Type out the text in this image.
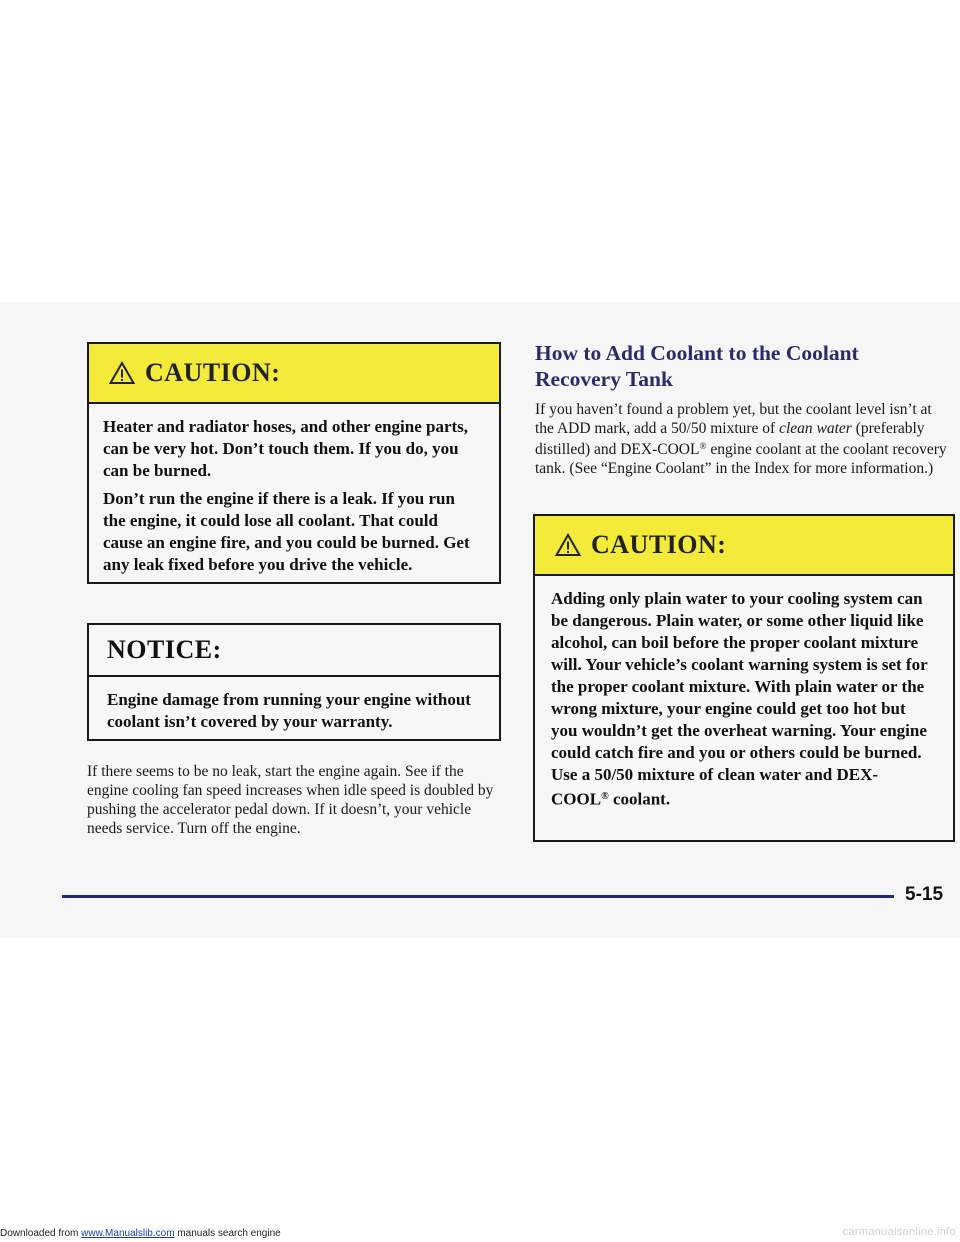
CAUTION:

Heater and radiator hoses, and other engine parts, can be very hot. Don’t touch them. If you do, you can be burned.

Don’t run the engine if there is a leak. If you run the engine, it could lose all coolant. That could cause an engine fire, and you could be burned. Get any leak fixed before you drive the vehicle.

NOTICE:
Engine damage from running your engine without coolant isn’t covered by your warranty.
If there seems to be no leak, start the engine again. See if the engine cooling fan speed increases when idle speed is doubled by pushing the accelerator pedal down. If it doesn’t, your vehicle needs service. Turn off the engine.
How to Add Coolant to the Coolant
Recovery Tank
If you haven’t found a problem yet, but the coolant level isn’t at the ADD mark, add a 50/50 mixture of clean water (preferably distilled) and DEX-COOL® engine coolant at the coolant recovery tank. (See “Engine Coolant” in the Index for more information.)
CAUTION:
Adding only plain water to your cooling system can be dangerous. Plain water, or some other liquid like alcohol, can boil before the proper coolant mixture will. Your vehicle’s coolant warning system is set for the proper coolant mixture. With plain water or the wrong mixture, your engine could get too hot but you wouldn’t get the overheat warning. Your engine could catch fire and you or others could be burned. Use a 50/50 mixture of clean water and DEX-COOL® coolant.
5-15
Downloaded from www.Manualslib.com manuals search engine	carmanualsonline.info
